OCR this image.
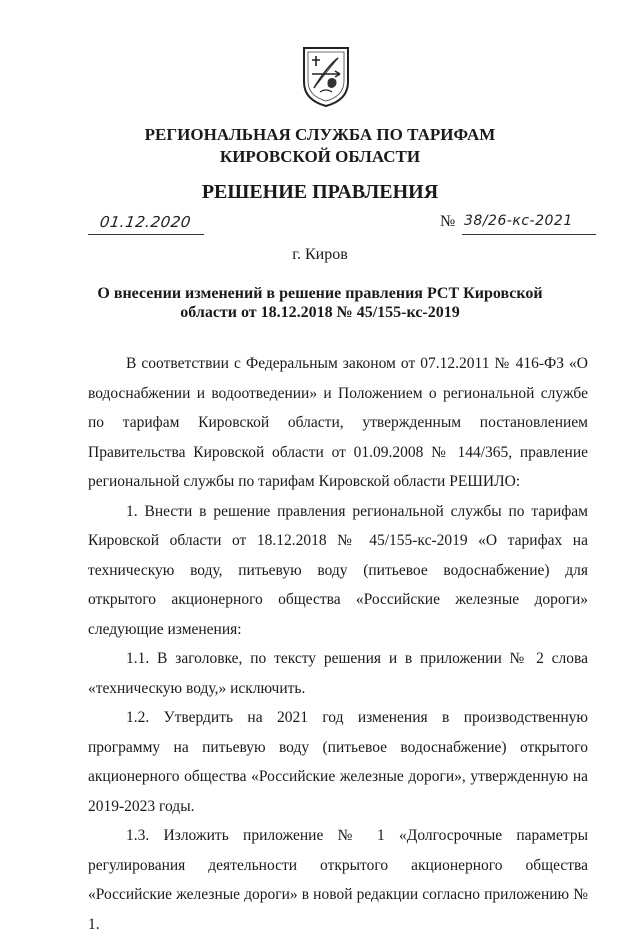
РЕГИОНАЛЬНАЯ СЛУЖБА ПО ТАРИФАМ
КИРОВСКОЙ ОБЛАСТИ
РЕШЕНИЕ ПРАВЛЕНИЯ
01.12.2020	№ 38/26-кс-2021
г. Киров
О внесении изменений в решение правления РСТ Кировской
области от 18.12.2018 № 45/155-кс-2019

В соответствии с Федеральным законом от 07.12.2011 № 416-ФЗ «О водоснабжении и водоотведении» и Положением о региональной службе по тарифам Кировской области, утвержденным постановлением Правительства Кировской области от 01.09.2008 № 144/365, правление региональной службы по тарифам Кировской области РЕШИЛО:

1. Внести в решение правления региональной службы по тарифам Кировской области от 18.12.2018 № 45/155-кс-2019 «О тарифах на техническую воду, питьевую воду (питьевое водоснабжение) для открытого акционерного общества «Российские железные дороги» следующие изменения:

1.1. В заголовке, по тексту решения и в приложении № 2 слова «техническую воду,» исключить.

1.2. Утвердить на 2021 год изменения в производственную программу на питьевую воду (питьевое водоснабжение) открытого акционерного общества «Российские железные дороги», утвержденную на 2019-2023 годы.

1.3. Изложить приложение № 1 «Долгосрочные параметры регулирования деятельности открытого акционерного общества «Российские железные дороги» в новой редакции согласно приложению № 1.
